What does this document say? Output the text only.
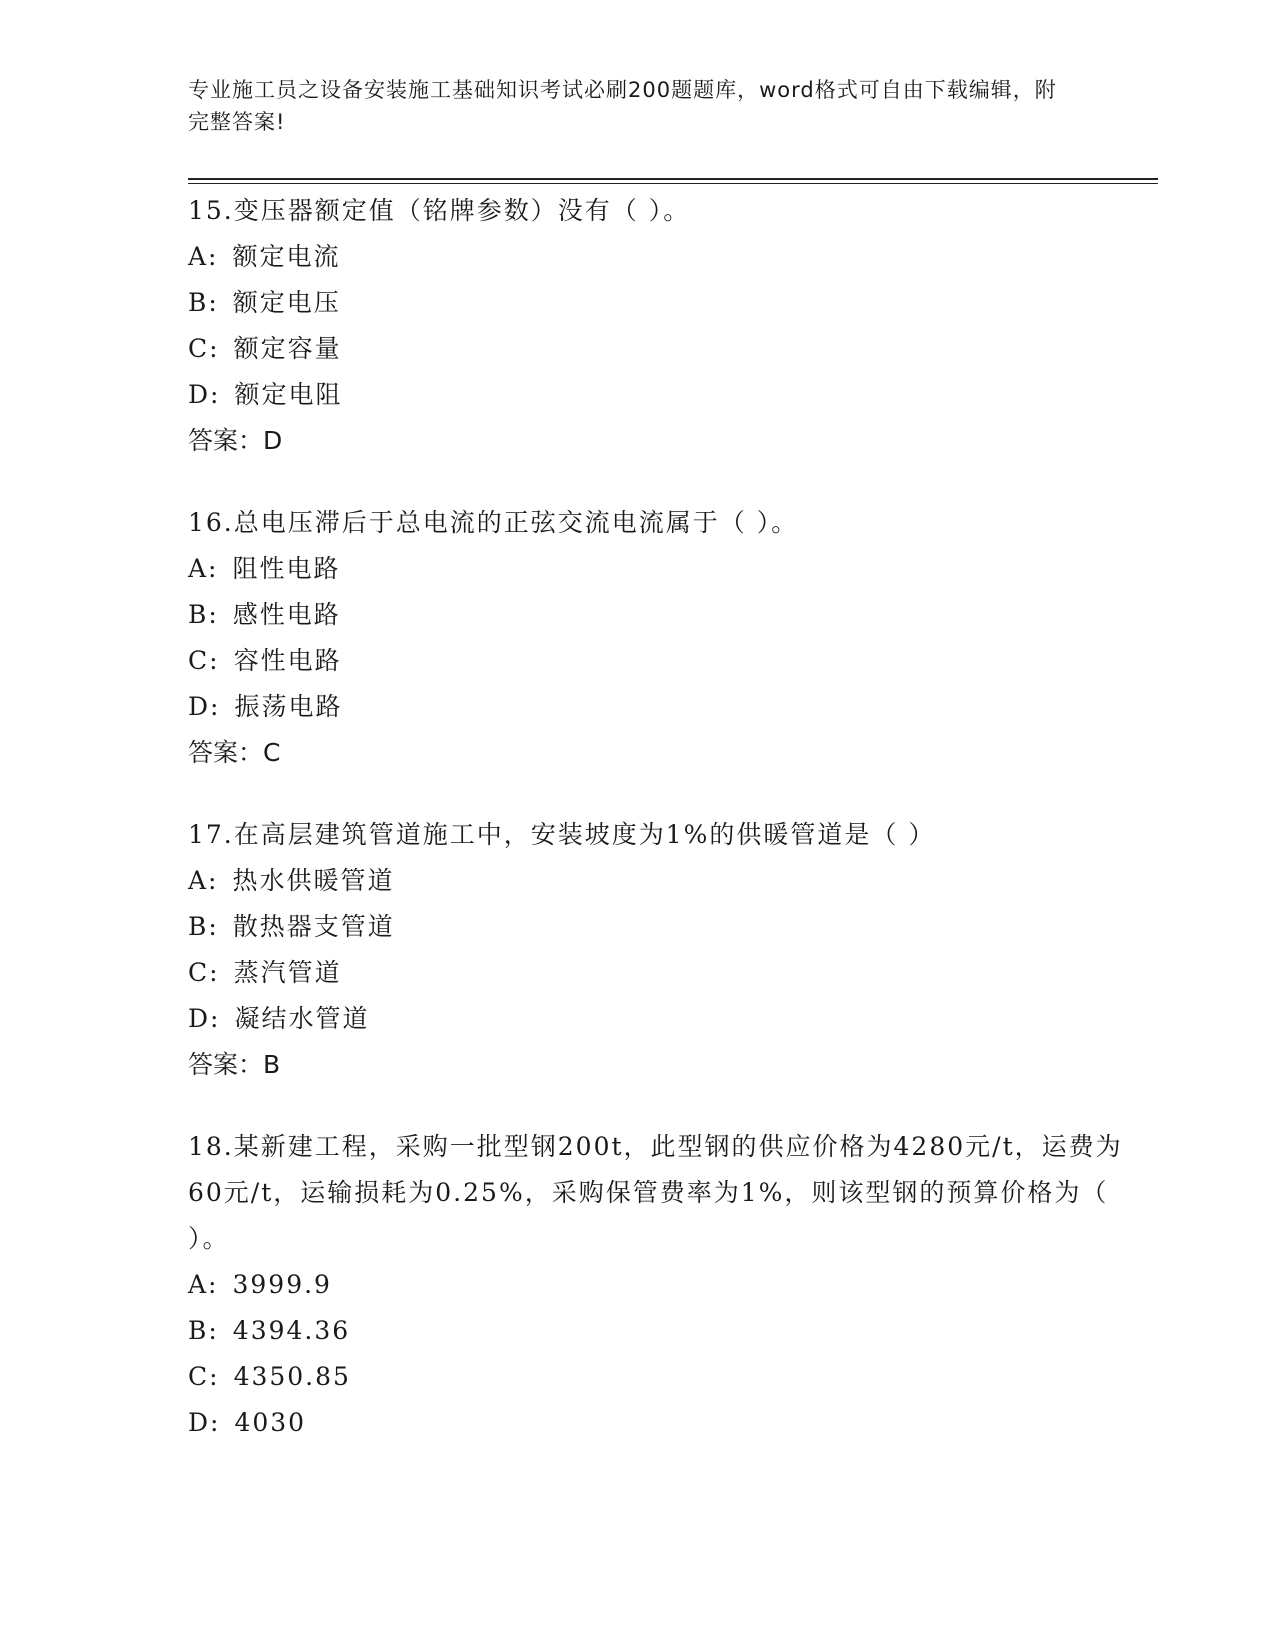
专业施工员之设备安装施工基础知识考试必刷200题题库，word格式可自由下载编辑，附完整答案!

15.变压器额定值（铭牌参数）没有（ ）。

A: 额定电流

B: 额定电压

C: 额定容量

D: 额定电阻

答案：D

16.总电压滞后于总电流的正弦交流电流属于（ ）。

A: 阻性电路

B: 感性电路

C: 容性电路

D: 振荡电路

答案：C

17.在高层建筑管道施工中，安装坡度为1%的供暖管道是（ ）

A: 热水供暖管道

B: 散热器支管道

C: 蒸汽管道

D: 凝结水管道

答案：B

18.某新建工程，采购一批型钢200t，此型钢的供应价格为4280元/t，运费为60元/t，运输损耗为0.25%，采购保管费率为1%，则该型钢的预算价格为（ ）。

A: 3999.9

B: 4394.36

C: 4350.85

D: 4030
